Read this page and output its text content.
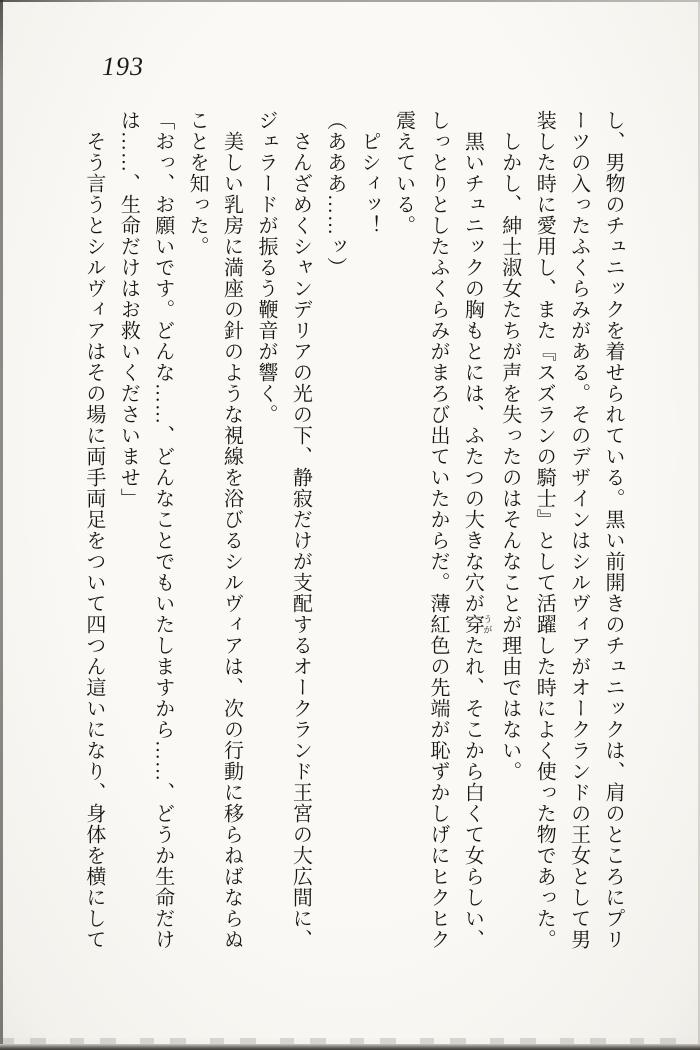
193
し、男物のチュニックを着せられている。黒い前開きのチュニックは、肩のところにプリ
ーツの入ったふくらみがある。そのデザインはシルヴィアがオークランドの王女として男
装した時に愛用し、また『スズランの騎士』として活躍した時によく使った物であった。
しかし、紳士淑女たちが声を失ったのはそんなことが理由ではない。
黒いチュニックの胸もとには、ふたつの大きな穴が穿 うがたれ、そこから白くて女らしい、
しっとりとしたふくらみがまろび出ていたからだ。薄紅色の先端が恥ずかしげにヒクヒク
震えている。
ピシィッ！
（あああ……ッ）
さんざめくシャンデリアの光の下、静寂だけが支配するオークランド王宮の大広間に、
ジェラードが振るう鞭音が響く。
美しい乳房に満座の針のような視線を浴びるシルヴィアは、次の行動に移らねばならぬ
ことを知った。
「おっ、お願いです。どんな……、どんなことでもいたしますから……、どうか生命だけ
は……、生命だけはお救いくださいませ」
そう言うとシルヴィアはその場に両手両足をついて四つん這いになり、身体を横にして
